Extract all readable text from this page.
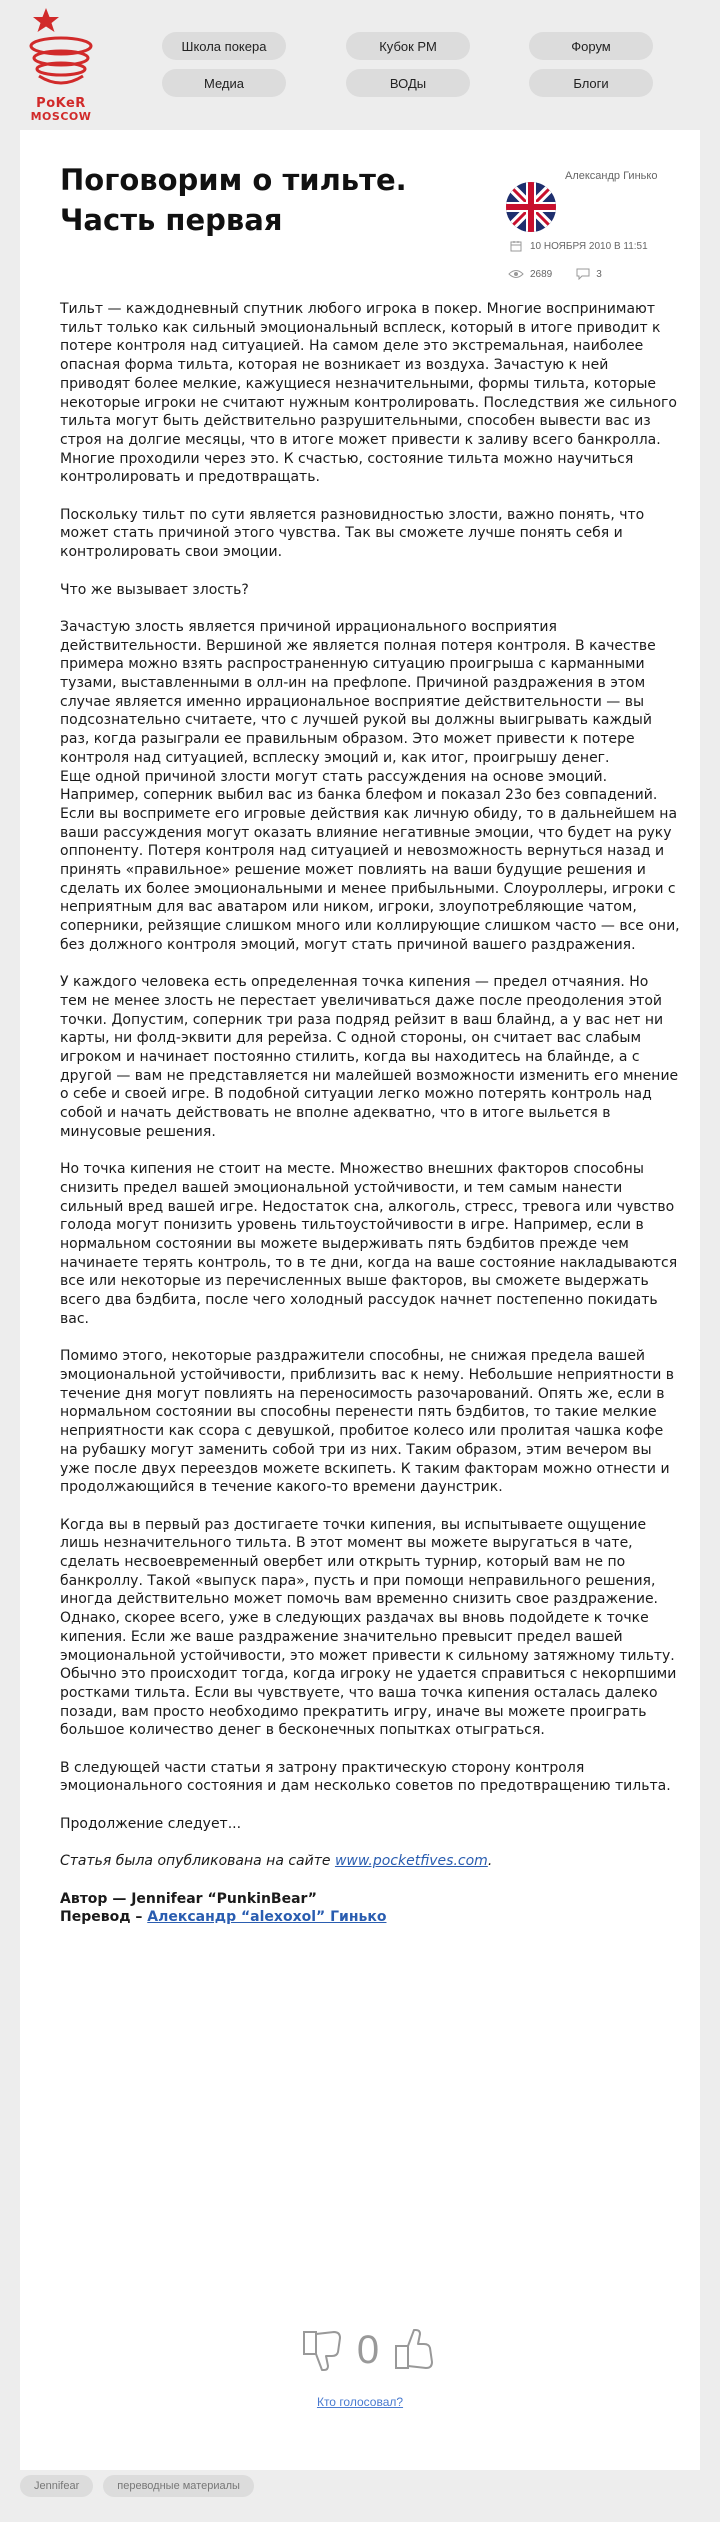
PoKeR
MOSCOW
Школа покера	Кубок РМ	Форум
Медиа	ВОДы	Блоги
Поговорим о тильте. Часть первая
Александр Гинько
10 НОЯБРЯ 2010 В 11:51
2689	3

Тильт — каждодневный спутник любого игрока в покер. Многие воспринимают тильт только как сильный эмоциональный всплеск, который в итоге приводит к потере контроля над ситуацией. На самом деле это экстремальная, наиболее опасная форма тильта, которая не возникает из воздуха. Зачастую к ней приводят более мелкие, кажущиеся незначительными, формы тильта, которые некоторые игроки не считают нужным контролировать. Последствия же сильного тильта могут быть действительно разрушительными, способен вывести вас из строя на долгие месяцы, что в итоге может привести к заливу всего банкролла. Многие проходили через это. К счастью, состояние тильта можно научиться контролировать и предотвращать.

Поскольку тильт по сути является разновидностью злости, важно понять, что может стать причиной этого чувства. Так вы сможете лучше понять себя и контролировать свои эмоции.

Что же вызывает злость?

Зачастую злость является причиной иррационального восприятия действительности. Вершиной же является полная потеря контроля. В качестве примера можно взять распространенную ситуацию проигрыша с карманными тузами, выставленными в олл-ин на префлопе. Причиной раздражения в этом случае является именно иррациональное восприятие действительности — вы подсознательно считаете, что с лучшей рукой вы должны выигрывать каждый раз, когда разыграли ее правильным образом. Это может привести к потере контроля над ситуацией, всплеску эмоций и, как итог, проигрышу денег.

Еще одной причиной злости могут стать рассуждения на основе эмоций. Например, соперник выбил вас из банка блефом и показал 23о без совпадений. Если вы воспримете его игровые действия как личную обиду, то в дальнейшем на ваши рассуждения могут оказать влияние негативные эмоции, что будет на руку оппоненту. Потеря контроля над ситуацией и невозможность вернуться назад и принять «правильное» решение может повлиять на ваши будущие решения и сделать их более эмоциональными и менее прибыльными. Слоуроллеры, игроки с неприятным для вас аватаром или ником, игроки, злоупотребляющие чатом, соперники, рейзящие слишком много или коллирующие слишком часто — все они, без должного контроля эмоций, могут стать причиной вашего раздражения.

У каждого человека есть определенная точка кипения — предел отчаяния. Но тем не менее злость не перестает увеличиваться даже после преодоления этой точки. Допустим, соперник три раза подряд рейзит в ваш блайнд, а у вас нет ни карты, ни фолд-эквити для ререйза. С одной стороны, он считает вас слабым игроком и начинает постоянно стилить, когда вы находитесь на блайнде, а с другой — вам не представляется ни малейшей возможности изменить его мнение о себе и своей игре. В подобной ситуации легко можно потерять контроль над собой и начать действовать не вполне адекватно, что в итоге выльется в минусовые решения.

Но точка кипения не стоит на месте. Множество внешних факторов способны снизить предел вашей эмоциональной устойчивости, и тем самым нанести сильный вред вашей игре. Недостаток сна, алкоголь, стресс, тревога или чувство голода могут понизить уровень тильтоустойчивости в игре. Например, если в нормальном состоянии вы можете выдерживать пять бэдбитов прежде чем начинаете терять контроль, то в те дни, когда на ваше состояние накладываются все или некоторые из перечисленных выше факторов, вы сможете выдержать всего два бэдбита, после чего холодный рассудок начнет постепенно покидать вас.

Помимо этого, некоторые раздражители способны, не снижая предела вашей эмоциональной устойчивости, приблизить вас к нему. Небольшие неприятности в течение дня могут повлиять на переносимость разочарований. Опять же, если в нормальном состоянии вы способны перенести пять бэдбитов, то такие мелкие неприятности как ссора с девушкой, пробитое колесо или пролитая чашка кофе на рубашку могут заменить собой три из них. Таким образом, этим вечером вы уже после двух переездов можете вскипеть. К таким факторам можно отнести и продолжающийся в течение какого-то времени даунстрик.

Когда вы в первый раз достигаете точки кипения, вы испытываете ощущение лишь незначительного тильта. В этот момент вы можете выругаться в чате, сделать несвоевременный овербет или открыть турнир, который вам не по банкроллу. Такой «выпуск пара», пусть и при помощи неправильного решения, иногда действительно может помочь вам временно снизить свое раздражение. Однако, скорее всего, уже в следующих раздачах вы вновь подойдете к точке кипения. Если же ваше раздражение значительно превысит предел вашей эмоциональной устойчивости, это может привести к сильному затяжному тильту. Обычно это происходит тогда, когда игроку не удается справиться с некорпшими ростками тильта. Если вы чувствуете, что ваша точка кипения осталась далеко позади, вам просто необходимо прекратить игру, иначе вы можете проиграть большое количество денег в бесконечных попытках отыграться.

В следующей части статьи я затрону практическую сторону контроля эмоционального состояния и дам несколько советов по предотвращению тильта.

Продолжение следует...

Статья была опубликована на сайте www.pocketfives.com.

Автор — Jennifear “PunkinBear”

Перевод – Александр “alexoxol” Гинько

0
Кто голосовал?
Jennifear	переводные материалы
